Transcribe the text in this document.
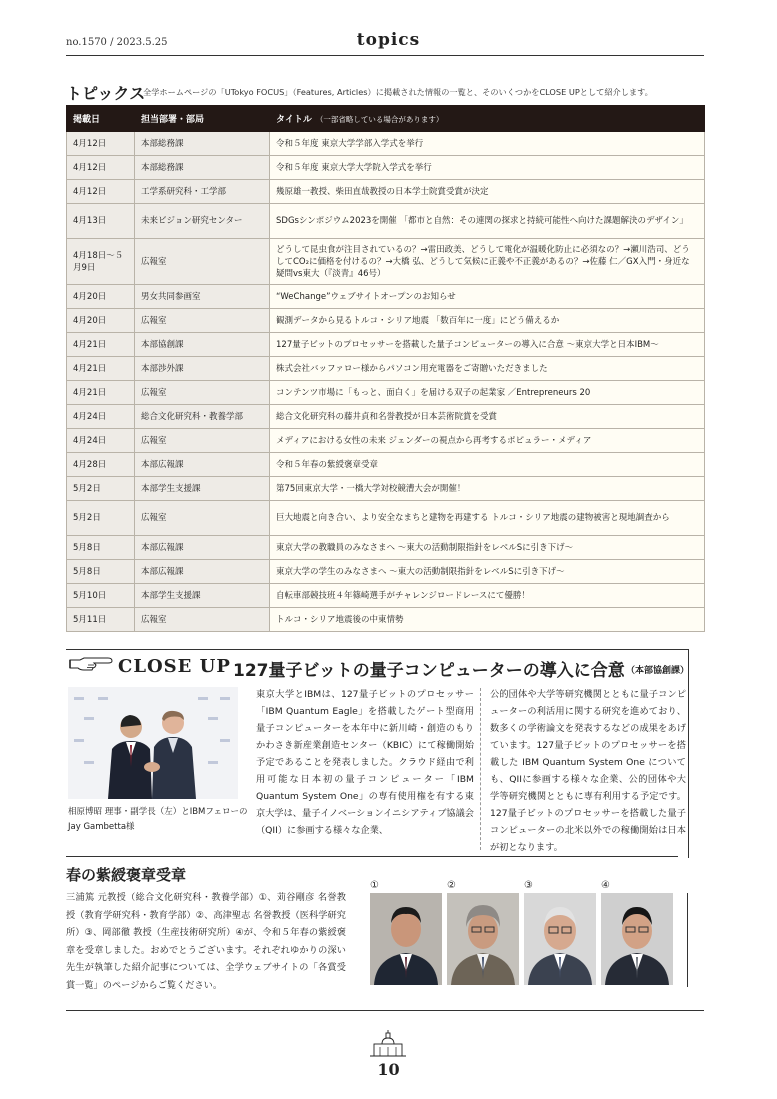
no.1570 / 2023.5.25	topics
トピックス
全学ホームページの「UTokyo FOCUS」（Features, Articles）に掲載された情報の一覧と、そのいくつかをCLOSE UPとして紹介します。
掲載日	担当部署・部局	タイトル （一部省略している場合があります）
4月12日	本部総務課	令和５年度 東京大学学部入学式を挙行
4月12日	本部総務課	令和５年度 東京大学大学院入学式を挙行
4月12日	工学系研究科・工学部	幾原雄一教授、柴田直哉教授の日本学士院賞受賞が決定
4月13日	未来ビジョン研究センター	SDGsシンポジウム2023を開催 「都市と自然：その連関の探求と持続可能性へ向けた課題解決のデザイン」
4月18日～５月9日	広報室	どうして昆虫食が注目されているの？→雷田政美、どうして電化が温暖化防止に必須なの？→瀬川浩司、どうしてCO₂に価格を付けるの？→大橋 弘、どうして気候に正義や不正義があるの？→佐藤 仁／GX入門・身近な疑問vs東大（『淡青』46号）
4月20日	男女共同参画室	“WeChange”ウェブサイトオープンのお知らせ
4月20日	広報室	観測データから見るトルコ・シリア地震 「数百年に一度」にどう備えるか
4月21日	本部協創課	127量子ビットのプロセッサーを搭載した量子コンピューターの導入に合意 ～東京大学と日本IBM～
4月21日	本部渉外課	株式会社バッファロー様からパソコン用充電器をご寄贈いただきました
4月21日	広報室	コンテンツ市場に「もっと、面白く」を届ける双子の起業家 ／Entrepreneurs 20
4月24日	総合文化研究科・教養学部	総合文化研究科の藤井貞和名誉教授が日本芸術院賞を受賞
4月24日	広報室	メディアにおける女性の未来 ジェンダーの視点から再考するポピュラー・メディア
4月28日	本部広報課	令和５年春の紫綬褒章受章
5月2日	本部学生支援課	第75回東京大学・一橋大学対校競漕大会が開催！
5月2日	広報室	巨大地震と向き合い、より安全なまちと建物を再建する トルコ・シリア地震の建物被害と現地調査から
5月8日	本部広報課	東京大学の教職員のみなさまへ ～東大の活動制限指針をレベルSに引き下げ～
5月8日	本部広報課	東京大学の学生のみなさまへ ～東大の活動制限指針をレベルSに引き下げ～
5月10日	本部学生支援課	自転車部競技班４年篠崎選手がチャレンジロードレースにて優勝！
5月11日	広報室	トルコ・シリア地震後の中東情勢
CLOSE UP 127量子ビットの量子コンピューターの導入に合意 （本部協創課）
相原博昭 理事・副学長（左）とIBMフェローのJay Gambetta様
東京大学とIBMは、127量子ビットのプロセッサー「IBM Quantum Eagle」を搭載したゲート型商用量子コンピューターを本年中に新川崎・創造のもり かわさき新産業創造センター（KBIC）にて稼働開始予定であることを発表しました。クラウド経由で利用可能な日本初の量子コンピューター「IBM Quantum System One」の専有使用権を有する東京大学は、量子イノベーションイニシアティブ協議会（QII）に参画する様々な企業、
公的団体や大学等研究機関とともに量子コンピューターの利活用に関する研究を進めており、数多くの学術論文を発表するなどの成果をあげています。127量子ビットのプロセッサーを搭載した IBM Quantum System One についても、QIIに参画する様々な企業、公的団体や大学等研究機関とともに専有利用する予定です。127量子ビットのプロセッサーを搭載した量子コンピューターの北米以外での稼働開始は日本が初となります。
春の紫綬褒章受章
三浦篤 元教授（総合文化研究科・教養学部）①、苅谷剛彦 名誉教授（教育学研究科・教育学部）②、高津聖志 名誉教授（医科学研究所）③、岡部徹 教授（生産技術研究所）④が、令和５年春の紫綬褒章を受章しました。おめでとうございます。それぞれゆかりの深い先生が執筆した紹介記事については、全学ウェブサイトの「各賞受賞一覧」のページからご覧ください。
①	②	③	④
10
